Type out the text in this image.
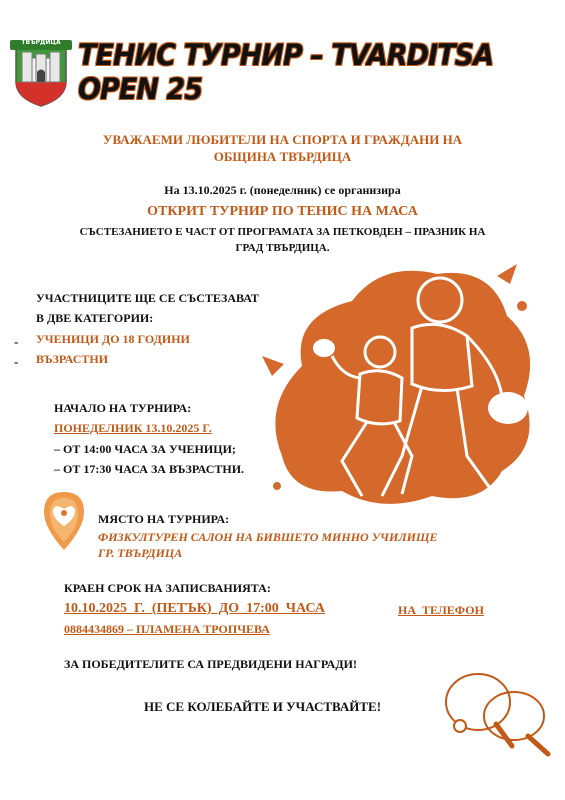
ТВЪРДИЦА ТЕНИС ТУРНИР – TVARDITSA OPEN 25
УВАЖАЕМИ ЛЮБИТЕЛИ НА СПОРТА И ГРАЖДАНИ НА
ОБЩИНА ТВЪРДИЦА
На 13.10.2025 г. (понеделник) се организира
ОТКРИТ ТУРНИР ПО ТЕНИС НА МАСА
СЪСТЕЗАНИЕТО Е ЧАСТ ОТ ПРОГРАМАТА ЗА ПЕТКОВДЕН – ПРАЗНИК НА
ГРАД ТВЪРДИЦА.
УЧАСТНИЦИТЕ ЩЕ СЕ СЪСТЕЗАВАТ
В ДВЕ КАТЕГОРИИ:
- УЧЕНИЦИ ДО 18 ГОДИНИ
- ВЪЗРАСТНИ
НАЧАЛО НА ТУРНИРА:
ПОНЕДЕЛНИК 13.10.2025 Г.
– ОТ 14:00 ЧАСА ЗА УЧЕНИЦИ;
– ОТ 17:30 ЧАСА ЗА ВЪЗРАСТНИ.
МЯСТО НА ТУРНИРА:
ФИЗКУЛТУРЕН САЛОН НА БИВШЕТО МИННО УЧИЛИЩЕ
ГР. ТВЪРДИЦА
КРАЕН СРОК НА ЗАПИСВАНИЯТА:
10.10.2025  Г.  (ПЕТЪК)  ДО  17:00  ЧАСА	НА  ТЕЛЕФОН
0884434869 – ПЛАМЕНА ТРОПЧЕВА
ЗА ПОБЕДИТЕЛИТЕ СА ПРЕДВИДЕНИ НАГРАДИ!
НЕ СЕ КОЛЕБАЙТЕ И УЧАСТВАЙТЕ!
